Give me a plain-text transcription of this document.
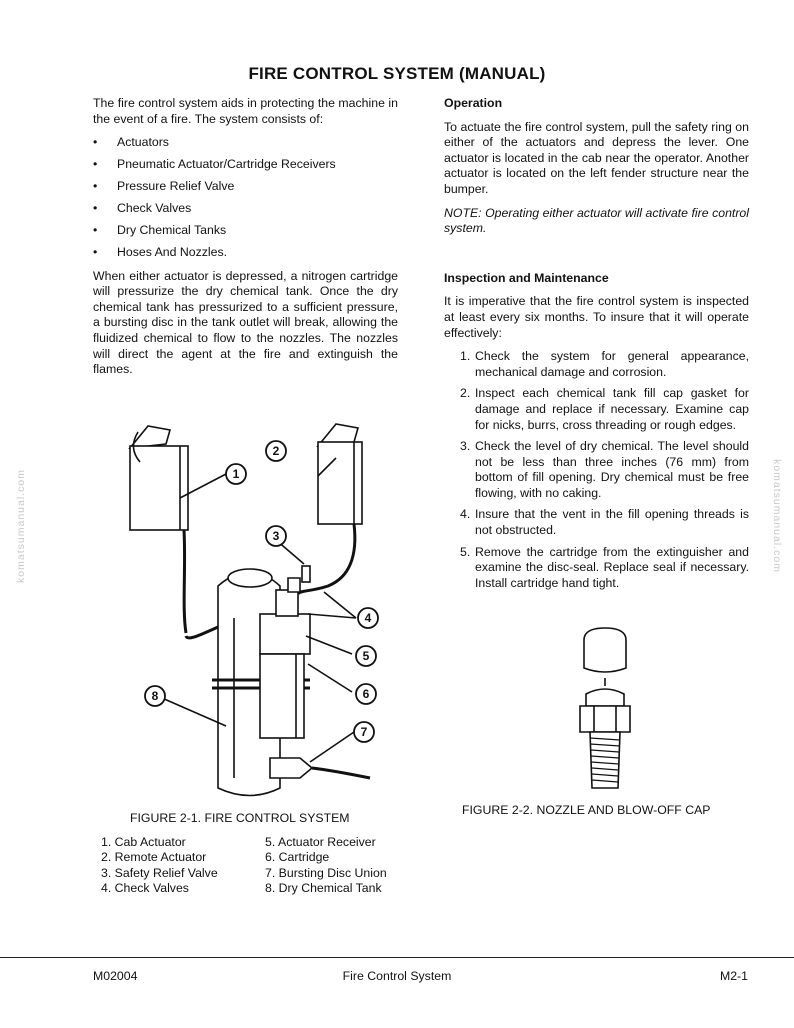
FIRE CONTROL SYSTEM (MANUAL)
komatsumanual.com	komatsumanual.com

The fire control system aids in protecting the machine in the event of a fire. The system consists of:

• Actuators
• Pneumatic Actuator/Cartridge Receivers
• Pressure Relief Valve
• Check Valves
• Dry Chemical Tanks
• Hoses And Nozzles.

When either actuator is depressed, a nitrogen cartridge will pressurize the dry chemical tank. Once the dry chemical tank has pressurized to a sufficient pressure, a bursting disc in the tank outlet will break, allowing the fluidized chemical to flow to the nozzles. The nozzles will direct the agent at the fire and extinguish the flames.

Operation

To actuate the fire control system, pull the safety ring on either of the actuators and depress the lever. One actuator is located in the cab near the operator. Another actuator is located on the left fender structure near the bumper.

NOTE: Operating either actuator will activate fire control system.

Inspection and Maintenance

It is imperative that the fire control system is inspected at least every six months. To insure that it will operate effectively:

1. Check the system for general appearance, mechanical damage and corrosion.
2. Inspect each chemical tank fill cap gasket for damage and replace if necessary. Examine cap for nicks, burrs, cross threading or rough edges.
3. Check the level of dry chemical. The level should not be less than three inches (76 mm) from bottom of fill opening. Dry chemical must be free flowing, with no caking.
4. Insure that the vent in the fill opening threads is not obstructed.
5. Remove the cartridge from the extinguisher and examine the disc-seal. Replace seal if necessary. Install cartridge hand tight.
1
2
3
4
5
6
7
8
FIGURE 2-1. FIRE CONTROL SYSTEM
FIGURE 2-2. NOZZLE AND BLOW-OFF CAP
1. Cab Actuator
2. Remote Actuator
3. Safety Relief Valve
4. Check Valves
5. Actuator Receiver
6. Cartridge
7. Bursting Disc Union
8. Dry Chemical Tank
M02004	Fire Control System	M2-1
